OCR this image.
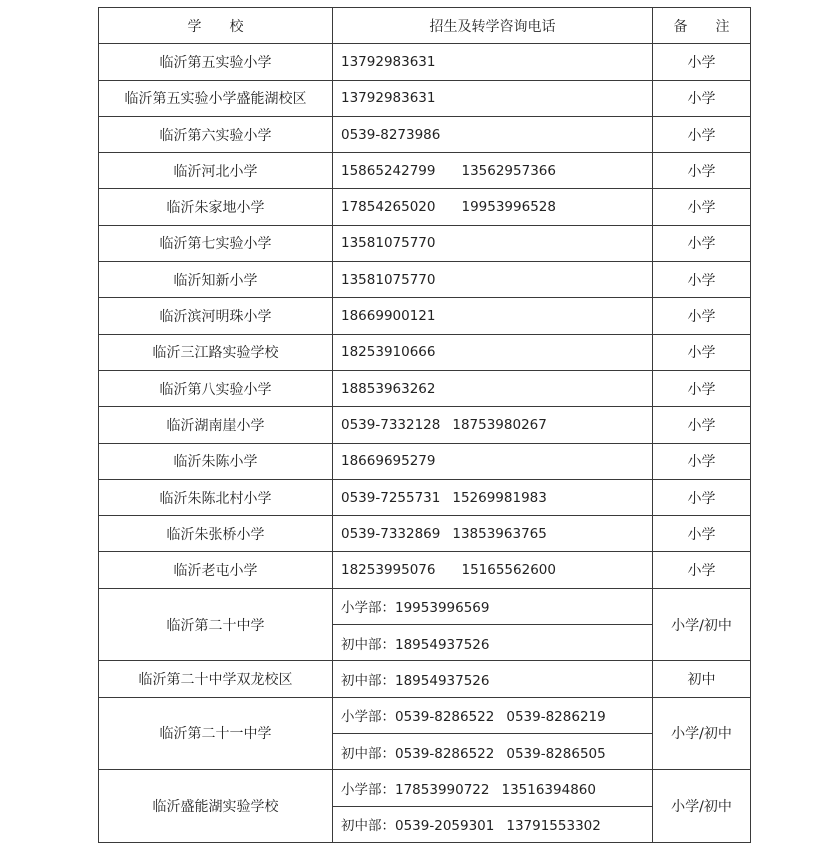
学　　校	招生及转学咨询电话	备　　注
临沂第五实验小学	13792983631	小学
临沂第五实验小学盛能湖校区	13792983631	小学
临沂第六实验小学	0539-8273986	小学
临沂河北小学	15865242799 13562957366	小学
临沂朱家地小学	17854265020 19953996528	小学
临沂第七实验小学	13581075770	小学
临沂知新小学	13581075770	小学
临沂滨河明珠小学	18669900121	小学
临沂三江路实验学校	18253910666	小学
临沂第八实验小学	18853963262	小学
临沂湖南崖小学	0539-7332128 18753980267	小学
临沂朱陈小学	18669695279	小学
临沂朱陈北村小学	0539-7255731 15269981983	小学
临沂朱张桥小学	0539-7332869 13853963765	小学
临沂老屯小学	18253995076 15165562600	小学
临沂第二十中学	小学部：19953996569	小学/初中
	初中部：18954937526	
临沂第二十中学双龙校区	初中部：18954937526	初中
临沂第二十一中学	小学部：0539-8286522 0539-8286219	小学/初中
	初中部：0539-8286522 0539-8286505	
临沂盛能湖实验学校	小学部：17853990722 13516394860	小学/初中
	初中部：0539-2059301 13791553302	
